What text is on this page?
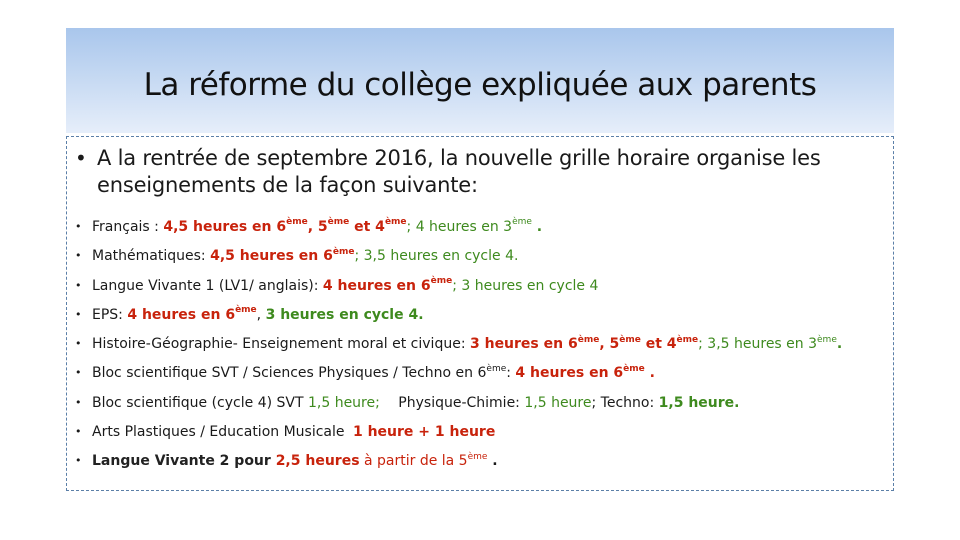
La réforme du collège expliquée aux parents
• A la rentrée de septembre 2016, la nouvelle grille horaire organise les enseignements de la façon suivante:
• Français : 4,5 heures en 6ème, 5ème et 4ème; 4 heures en 3ème .
• Mathématiques: 4,5 heures en 6ème; 3,5 heures en cycle 4.
• Langue Vivante 1 (LV1/ anglais): 4 heures en 6ème; 3 heures en cycle 4
• EPS: 4 heures en 6ème, 3 heures en cycle 4.
• Histoire-Géographie- Enseignement moral et civique: 3 heures en 6ème, 5ème et 4ème; 3,5 heures en 3ème.
• Bloc scientifique SVT / Sciences Physiques / Techno en 6ème: 4 heures en 6ème .
• Bloc scientifique (cycle 4) SVT 1,5 heure; Physique-Chimie: 1,5 heure; Techno: 1,5 heure.
• Arts Plastiques / Education Musicale 1 heure + 1 heure
• Langue Vivante 2 pour 2,5 heures à partir de la 5ème .
